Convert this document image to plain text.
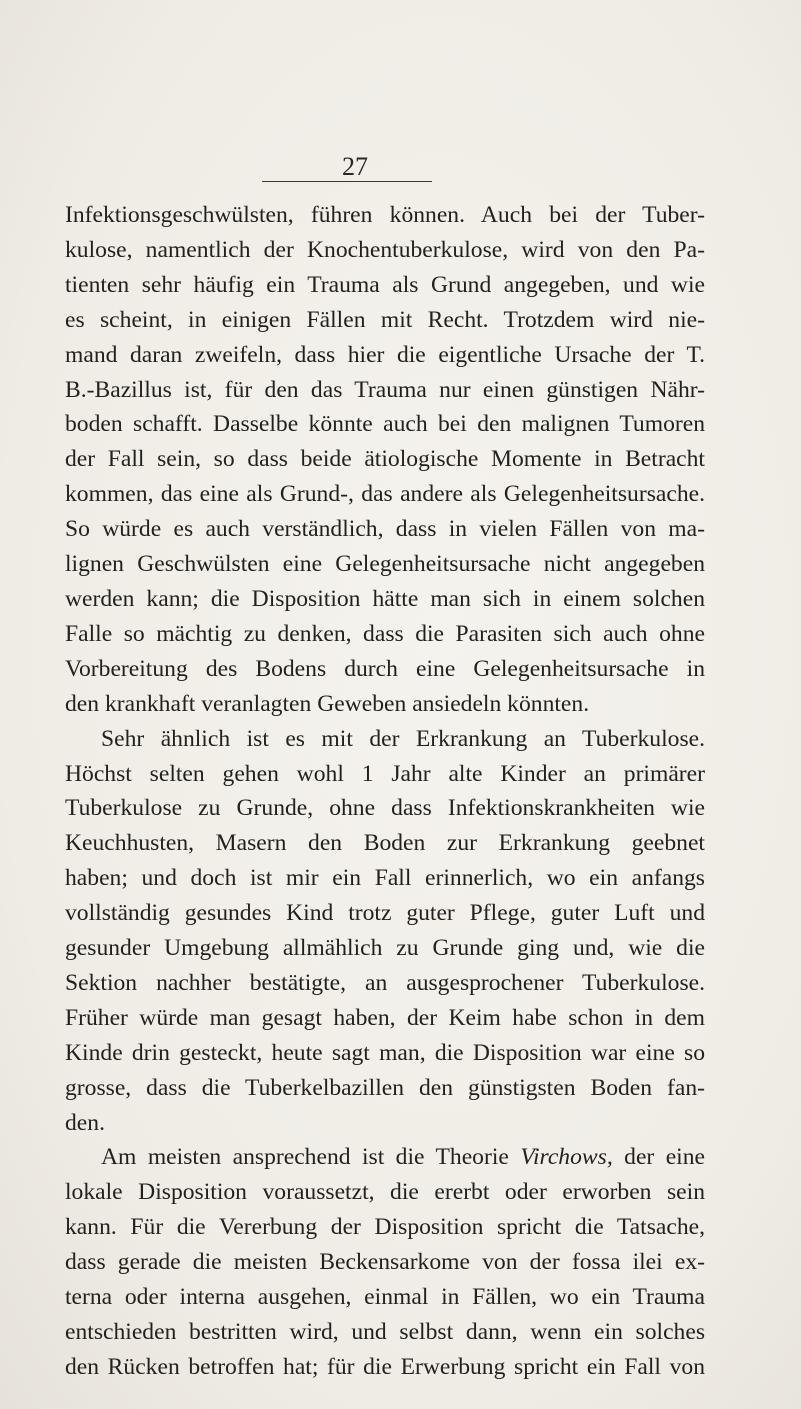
27
Infektionsgeschwülsten, führen können. Auch bei der Tuber-
kulose, namentlich der Knochentuberkulose, wird von den Pa-
tienten sehr häufig ein Trauma als Grund angegeben, und wie
es scheint, in einigen Fällen mit Recht. Trotzdem wird nie-
mand daran zweifeln, dass hier die eigentliche Ursache der T.
B.-Bazillus ist, für den das Trauma nur einen günstigen Nähr-
boden schafft. Dasselbe könnte auch bei den malignen Tumoren
der Fall sein, so dass beide ätiologische Momente in Betracht
kommen, das eine als Grund-, das andere als Gelegenheitsursache.
So würde es auch verständlich, dass in vielen Fällen von ma-
lignen Geschwülsten eine Gelegenheitsursache nicht angegeben
werden kann; die Disposition hätte man sich in einem solchen
Falle so mächtig zu denken, dass die Parasiten sich auch ohne
Vorbereitung des Bodens durch eine Gelegenheitsursache in
den krankhaft veranlagten Geweben ansiedeln könnten.
Sehr ähnlich ist es mit der Erkrankung an Tuberkulose.
Höchst selten gehen wohl 1 Jahr alte Kinder an primärer
Tuberkulose zu Grunde, ohne dass Infektionskrankheiten wie
Keuchhusten, Masern den Boden zur Erkrankung geebnet
haben; und doch ist mir ein Fall erinnerlich, wo ein anfangs
vollständig gesundes Kind trotz guter Pflege, guter Luft und
gesunder Umgebung allmählich zu Grunde ging und, wie die
Sektion nachher bestätigte, an ausgesprochener Tuberkulose.
Früher würde man gesagt haben, der Keim habe schon in dem
Kinde drin gesteckt, heute sagt man, die Disposition war eine so
grosse, dass die Tuberkelbazillen den günstigsten Boden fan-
den.
Am meisten ansprechend ist die Theorie Virchows, der eine
lokale Disposition voraussetzt, die ererbt oder erworben sein
kann. Für die Vererbung der Disposition spricht die Tatsache,
dass gerade die meisten Beckensarkome von der fossa ilei ex-
terna oder interna ausgehen, einmal in Fällen, wo ein Trauma
entschieden bestritten wird, und selbst dann, wenn ein solches
den Rücken betroffen hat; für die Erwerbung spricht ein Fall von
